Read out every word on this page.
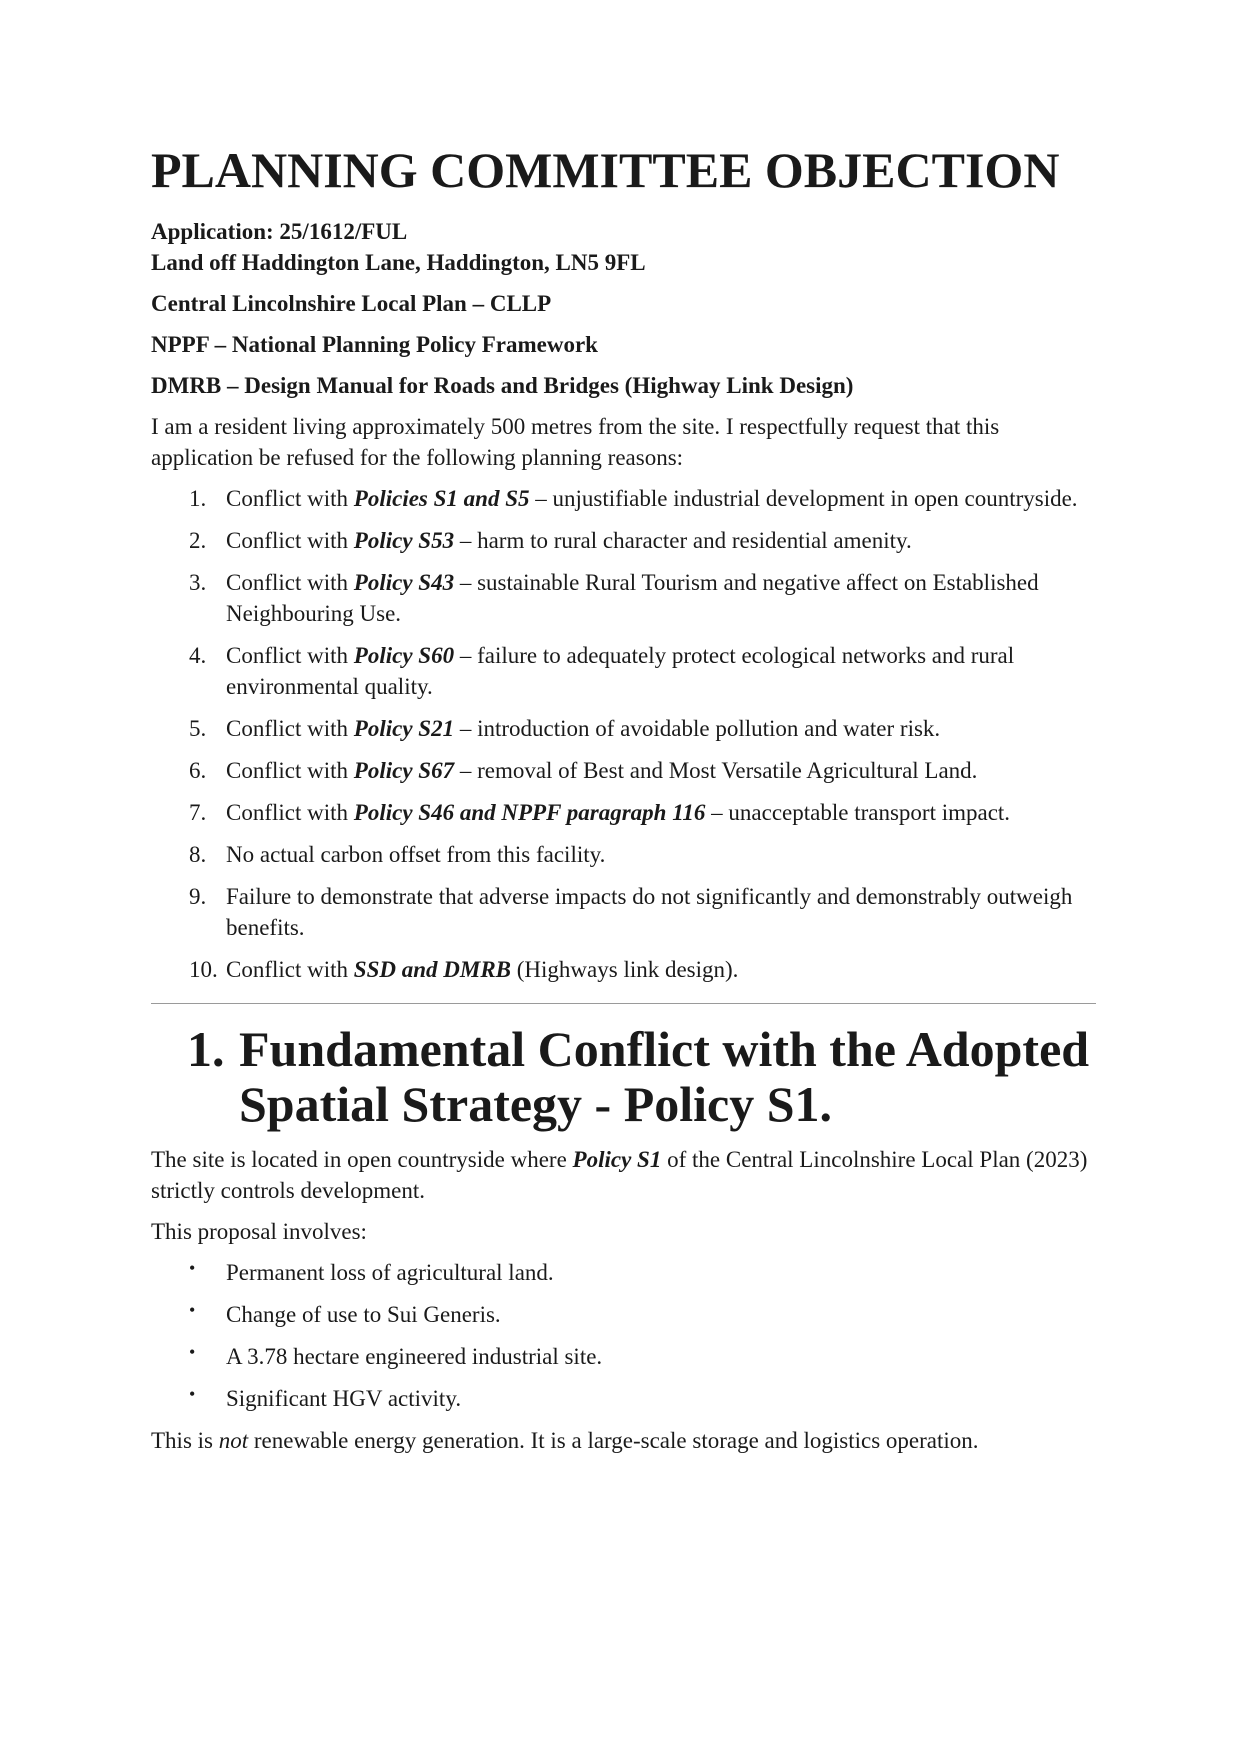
PLANNING COMMITTEE OBJECTION
Application: 25/1612/FUL
Land off Haddington Lane, Haddington, LN5 9FL
Central Lincolnshire Local Plan – CLLP
NPPF – National Planning Policy Framework
DMRB – Design Manual for Roads and Bridges (Highway Link Design)

I am a resident living approximately 500 metres from the site. I respectfully request that this application be refused for the following planning reasons:

1. Conflict with Policies S1 and S5 – unjustifiable industrial development in open countryside.
2. Conflict with Policy S53 – harm to rural character and residential amenity.
3. Conflict with Policy S43 – sustainable Rural Tourism and negative affect on Established Neighbouring Use.
4. Conflict with Policy S60 – failure to adequately protect ecological networks and rural environmental quality.
5. Conflict with Policy S21 – introduction of avoidable pollution and water risk.
6. Conflict with Policy S67 – removal of Best and Most Versatile Agricultural Land.
7. Conflict with Policy S46 and NPPF paragraph 116 – unacceptable transport impact.
8. No actual carbon offset from this facility.
9. Failure to demonstrate that adverse impacts do not significantly and demonstrably outweigh benefits.
10. Conflict with SSD and DMRB (Highways link design).
1. Fundamental Conflict with the Adopted Spatial Strategy - Policy S1.

The site is located in open countryside where Policy S1 of the Central Lincolnshire Local Plan (2023) strictly controls development.

This proposal involves:

• Permanent loss of agricultural land.
• Change of use to Sui Generis.
• A 3.78 hectare engineered industrial site.
• Significant HGV activity.

This is not renewable energy generation. It is a large-scale storage and logistics operation.
